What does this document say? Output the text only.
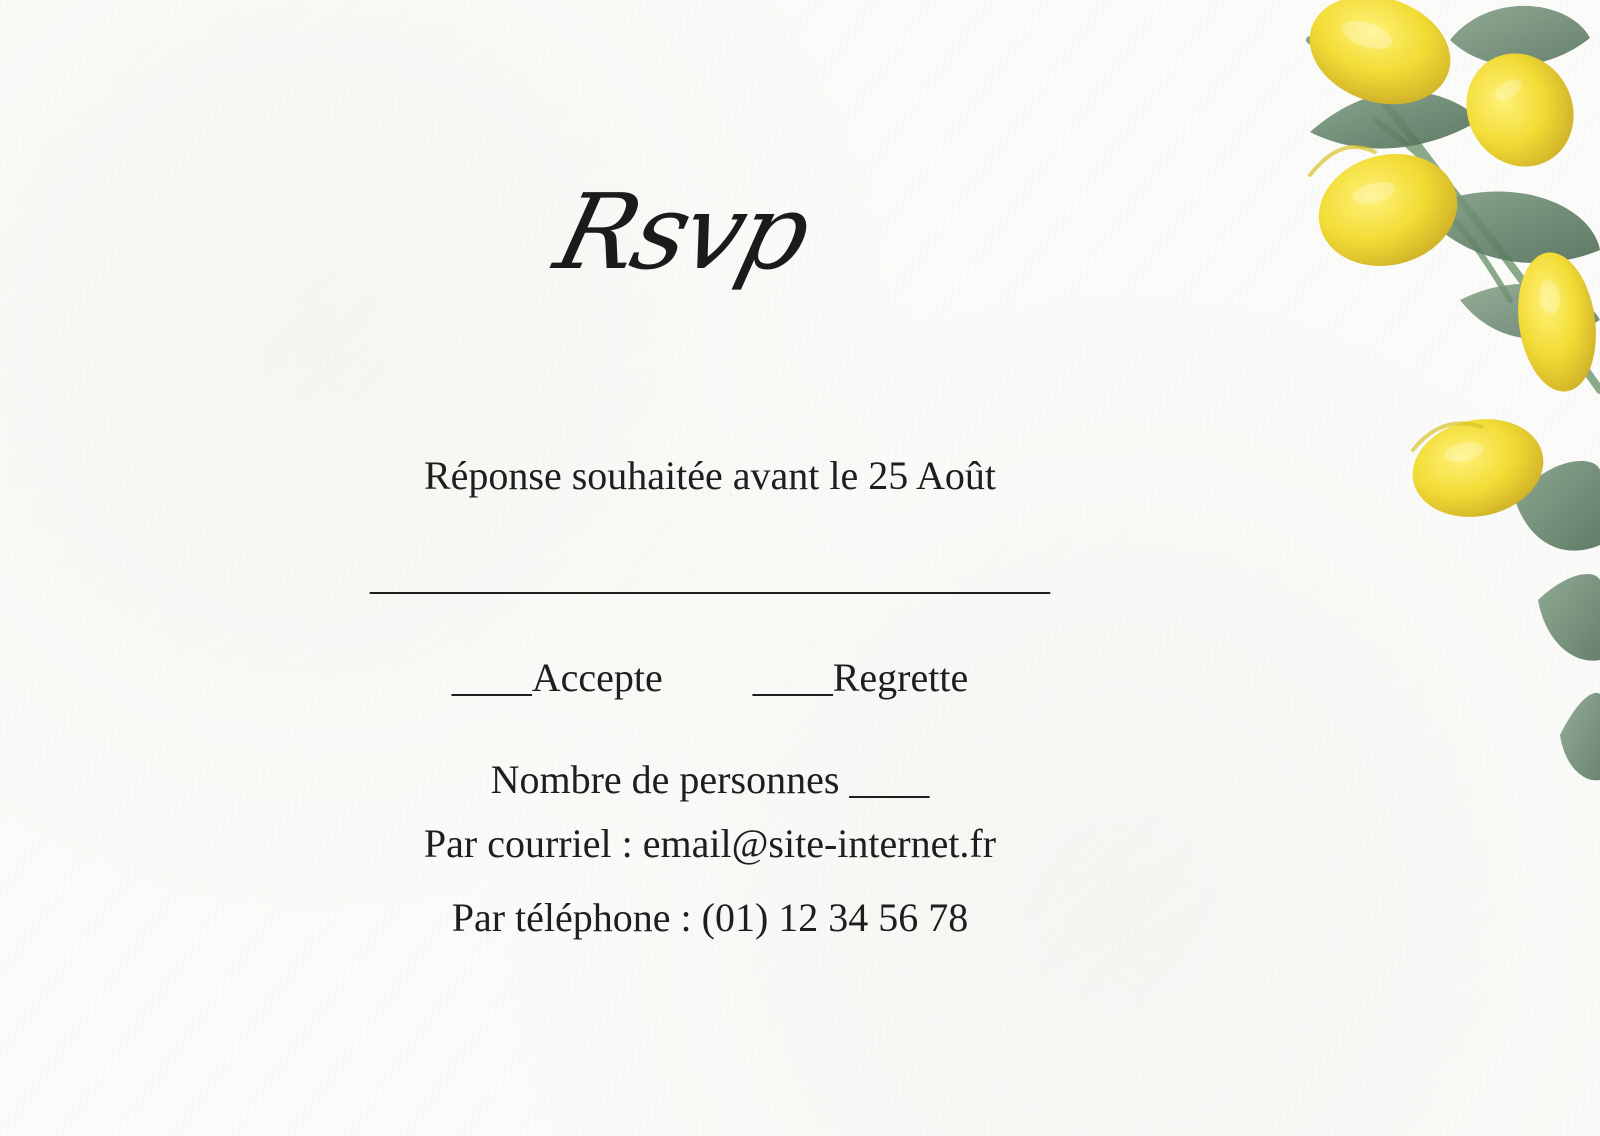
Rsvp
Réponse souhaitée avant le 25 Août
__________________________________
____Accepte ____Regrette
Nombre de personnes ____
Par courriel : email@site-internet.fr
Par téléphone : (01) 12 34 56 78
